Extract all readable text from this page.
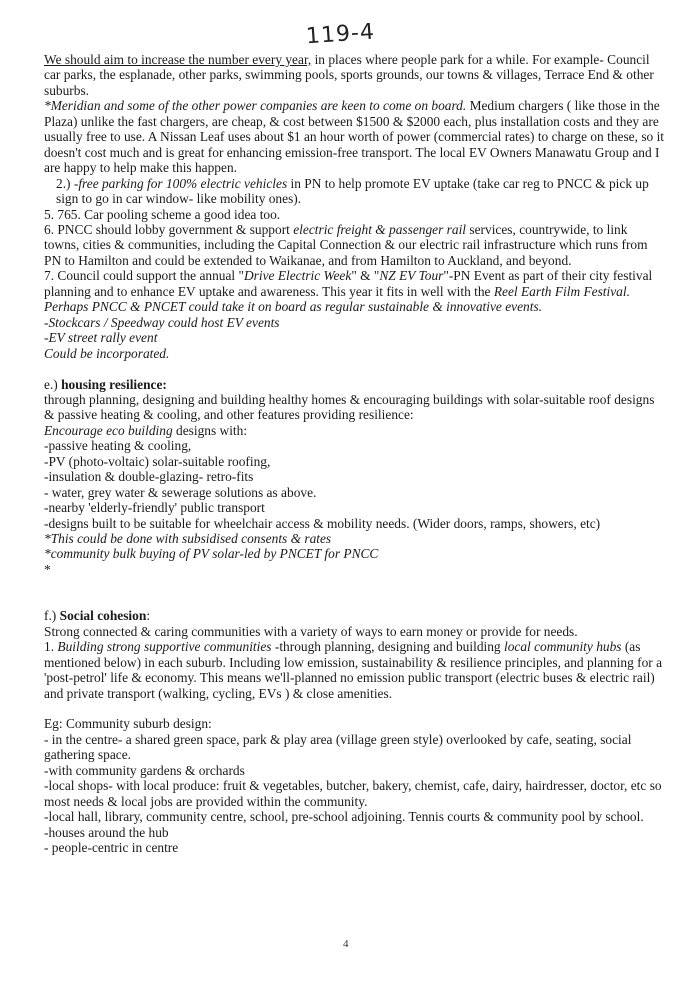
119-4

We should aim to increase the number every year, in places where people park for a while. For example- Council car parks, the esplanade, other parks, swimming pools, sports grounds, our towns & villages, Terrace End & other suburbs.

*Meridian and some of the other power companies are keen to come on board. Medium chargers ( like those in the Plaza) unlike the fast chargers, are cheap, & cost between $1500 & $2000 each, plus installation costs and they are usually free to use. A Nissan Leaf uses about $1 an hour worth of power (commercial rates) to charge on these, so it doesn't cost much and is great for enhancing emission-free transport. The local EV Owners Manawatu Group and I are happy to help make this happen.

2.) -free parking for 100% electric vehicles in PN to help promote EV uptake (take car reg to PNCC & pick up sign to go in car window- like mobility ones).

5. 765. Car pooling scheme a good idea too.

6. PNCC should lobby government & support electric freight & passenger rail services, countrywide, to link towns, cities & communities, including the Capital Connection & our electric rail infrastructure which runs from PN to Hamilton and could be extended to Waikanae, and from Hamilton to Auckland, and beyond.

7. Council could support the annual "Drive Electric Week" & "NZ EV Tour"-PN Event as part of their city festival planning and to enhance EV uptake and awareness. This year it fits in well with the Reel Earth Film Festival. Perhaps PNCC & PNCET could take it on board as regular sustainable & innovative events.

-Stockcars / Speedway could host EV events

-EV street rally event

Could be incorporated.

e.) housing resilience:

through planning, designing and building healthy homes & encouraging buildings with solar-suitable roof designs & passive heating & cooling, and other features providing resilience:

Encourage eco building designs with:

-passive heating & cooling,

-PV (photo-voltaic) solar-suitable roofing,

-insulation & double-glazing- retro-fits

- water, grey water & sewerage solutions as above.

-nearby 'elderly-friendly' public transport

-designs built to be suitable for wheelchair access & mobility needs. (Wider doors, ramps, showers, etc)

*This could be done with subsidised consents & rates

*community bulk buying of PV solar-led by PNCET for PNCC

*

f.) Social cohesion:

Strong connected & caring communities with a variety of ways to earn money or provide for needs.

1. Building strong supportive communities -through planning, designing and building local community hubs (as mentioned below) in each suburb. Including low emission, sustainability & resilience principles, and planning for a 'post-petrol' life & economy. This means we'll-planned no emission public transport (electric buses & electric rail) and private transport (walking, cycling, EVs ) & close amenities.

Eg: Community suburb design:

- in the centre- a shared green space, park & play area (village green style) overlooked by cafe, seating, social gathering space.

-with community gardens & orchards

-local shops- with local produce: fruit & vegetables, butcher, bakery, chemist, cafe, dairy, hairdresser, doctor, etc so most needs & local jobs are provided within the community.

-local hall, library, community centre, school, pre-school adjoining. Tennis courts & community pool by school.

-houses around the hub

- people-centric in centre

4
